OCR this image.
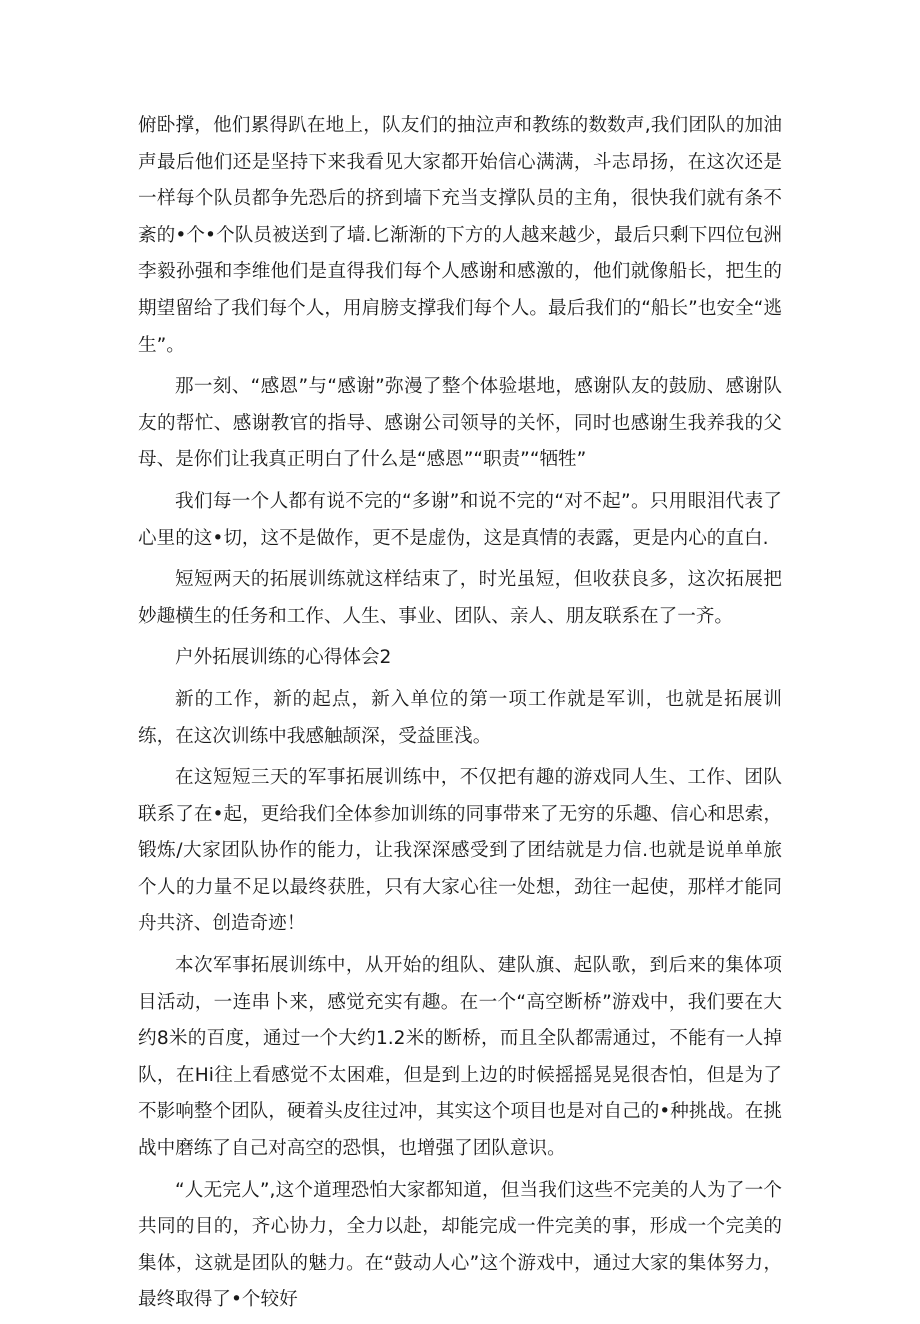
俯卧撑，他们累得趴在地上，队友们的抽泣声和教练的数数声,我们团队的加油声最后他们还是坚持下来我看见大家都开始信心满满，斗志昂扬，在这次还是一样每个队员都争先恐后的挤到墙下充当支撑队员的主角，很快我们就有条不紊的•个•个队员被送到了墙.匕渐渐的下方的人越来越少，最后只剩下四位包洲李毅孙强和李维他们是直得我们每个人感谢和感激的，他们就像船长，把生的期望留给了我们每个人，用肩膀支撑我们每个人。最后我们的“船长”也安全“逃生”。

那一刻、“感恩”与“感谢”弥漫了整个体验堪地，感谢队友的鼓励、感谢队友的帮忙、感谢教官的指导、感谢公司领导的关怀，同时也感谢生我养我的父母、是你们让我真正明白了什么是“感恩”“职责”“牺牲”

我们每一个人都有说不完的“多谢”和说不完的“对不起”。只用眼泪代表了心里的这•切，这不是做作，更不是虚伪，这是真情的表露，更是内心的直白.

短短两天的拓展训练就这样结束了，时光虽短，但收获良多，这次拓展把妙趣横生的任务和工作、人生、事业、团队、亲人、朋友联系在了一齐。

户外拓展训练的心得体会2

新的工作，新的起点，新入单位的第一项工作就是军训，也就是拓展训练，在这次训练中我感触颉深，受益匪浅。

在这短短三天的军事拓展训练中，不仅把有趣的游戏同人生、工作、团队联系了在•起，更给我们全体参加训练的同事带来了无穷的乐趣、信心和思索，锻炼/大家团队协作的能力，让我深深感受到了团结就是力信.也就是说单单旅个人的力量不足以最终获胜，只有大家心往一处想，劲往一起使，那样才能同舟共济、创造奇迹！

本次军事拓展训练中，从开始的组队、建队旗、起队歌，到后来的集体项目活动，一连串卜来，感觉充实有趣。在一个“高空断桥”游戏中，我们要在大约8米的百度，通过一个大约1.2米的断桥，而且全队都需通过，不能有一人掉队，在Hi往上看感觉不太困难，但是到上边的时候摇摇晃晃很杏怕，但是为了不影响整个团队，硬着头皮往过冲，其实这个项目也是对自己的•种挑战。在挑战中磨练了自己对高空的恐惧，也增强了团队意识。

“人无完人”,这个道理恐怕大家都知道，但当我们这些不完美的人为了一个共同的目的，齐心协力，全力以赴，却能完成一件完美的事，形成一个完美的集体，这就是团队的魅力。在“鼓动人心”这个游戏中，通过大家的集体努力，最终取得了•个较好
